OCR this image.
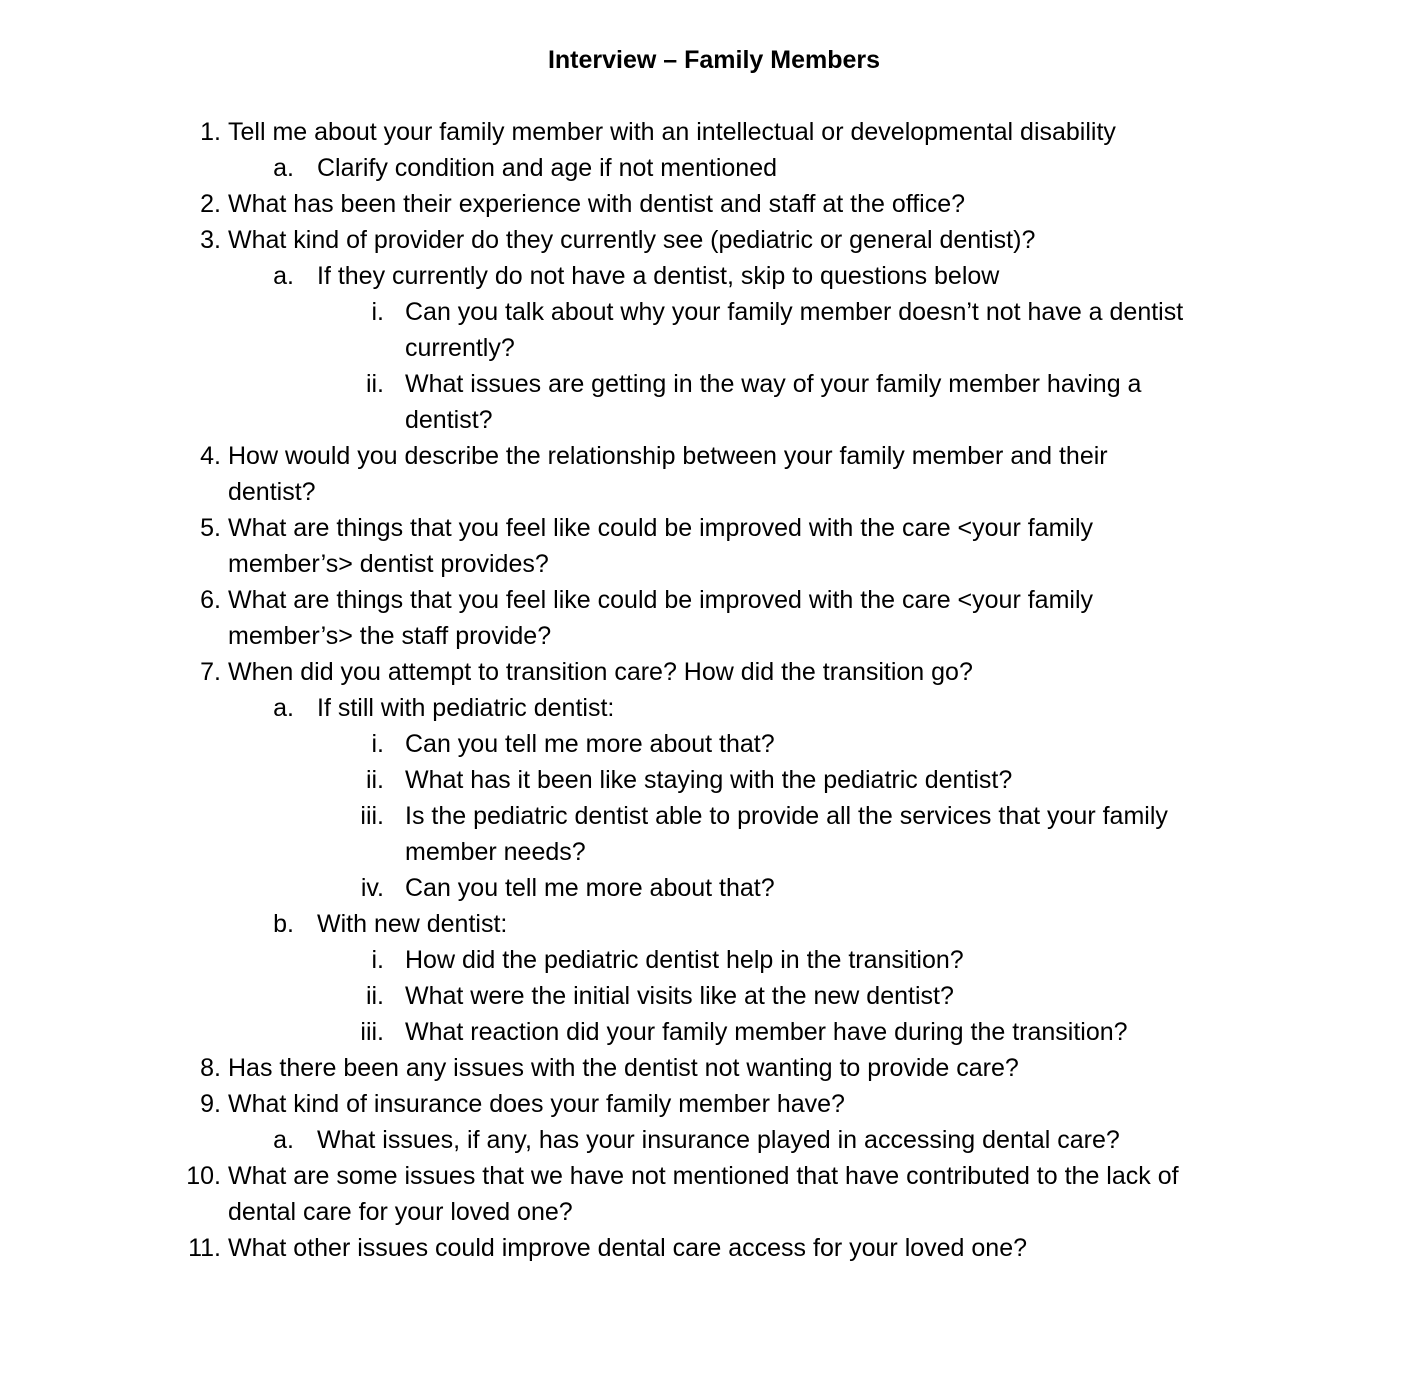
Interview – Family Members
1. Tell me about your family member with an intellectual or developmental disability
a. Clarify condition and age if not mentioned
2. What has been their experience with dentist and staff at the office?
3. What kind of provider do they currently see (pediatric or general dentist)?
a. If they currently do not have a dentist, skip to questions below
i. Can you talk about why your family member doesn’t not have a dentist
currently?
ii. What issues are getting in the way of your family member having a
dentist?
4. How would you describe the relationship between your family member and their
dentist?
5. What are things that you feel like could be improved with the care <your family
member’s> dentist provides?
6. What are things that you feel like could be improved with the care <your family
member’s> the staff provide?
7. When did you attempt to transition care? How did the transition go?
a. If still with pediatric dentist:
i. Can you tell me more about that?
ii. What has it been like staying with the pediatric dentist?
iii. Is the pediatric dentist able to provide all the services that your family
member needs?
iv. Can you tell me more about that?
b. With new dentist:
i. How did the pediatric dentist help in the transition?
ii. What were the initial visits like at the new dentist?
iii. What reaction did your family member have during the transition?
8. Has there been any issues with the dentist not wanting to provide care?
9. What kind of insurance does your family member have?
a. What issues, if any, has your insurance played in accessing dental care?
10. What are some issues that we have not mentioned that have contributed to the lack of
dental care for your loved one?
11. What other issues could improve dental care access for your loved one?
